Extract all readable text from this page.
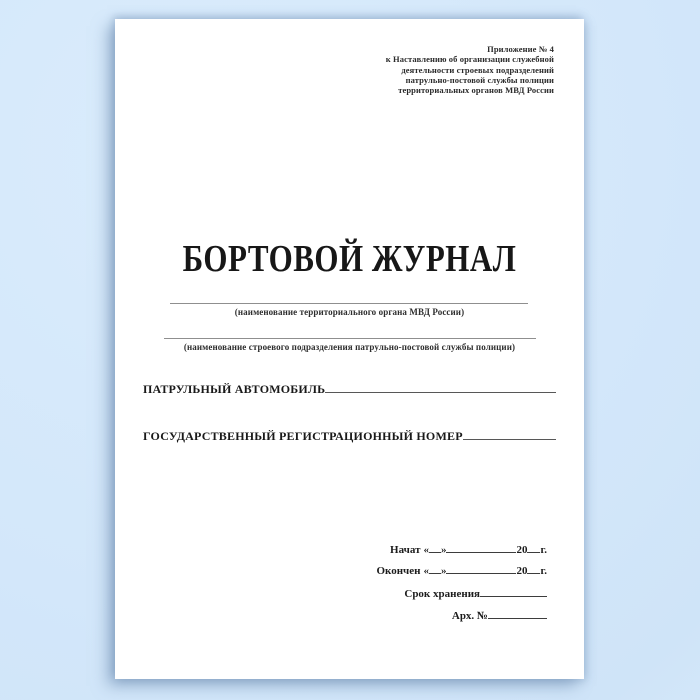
Приложение № 4
к Наставлению об организации служебной
деятельности строевых подразделений
патрульно-постовой службы полиции
территориальных органов МВД России
БОРТОВОЙ ЖУРНАЛ
(наименование территориального органа МВД России)
(наименование строевого подразделения патрульно-постовой службы полиции)
ПАТРУЛЬНЫЙ АВТОМОБИЛЬ
ГОСУДАРСТВЕННЫЙ РЕГИСТРАЦИОННЫЙ НОМЕР
Начат « »	20 г.
Окончен « »	20 г.
Срок хранения
Арх. №
